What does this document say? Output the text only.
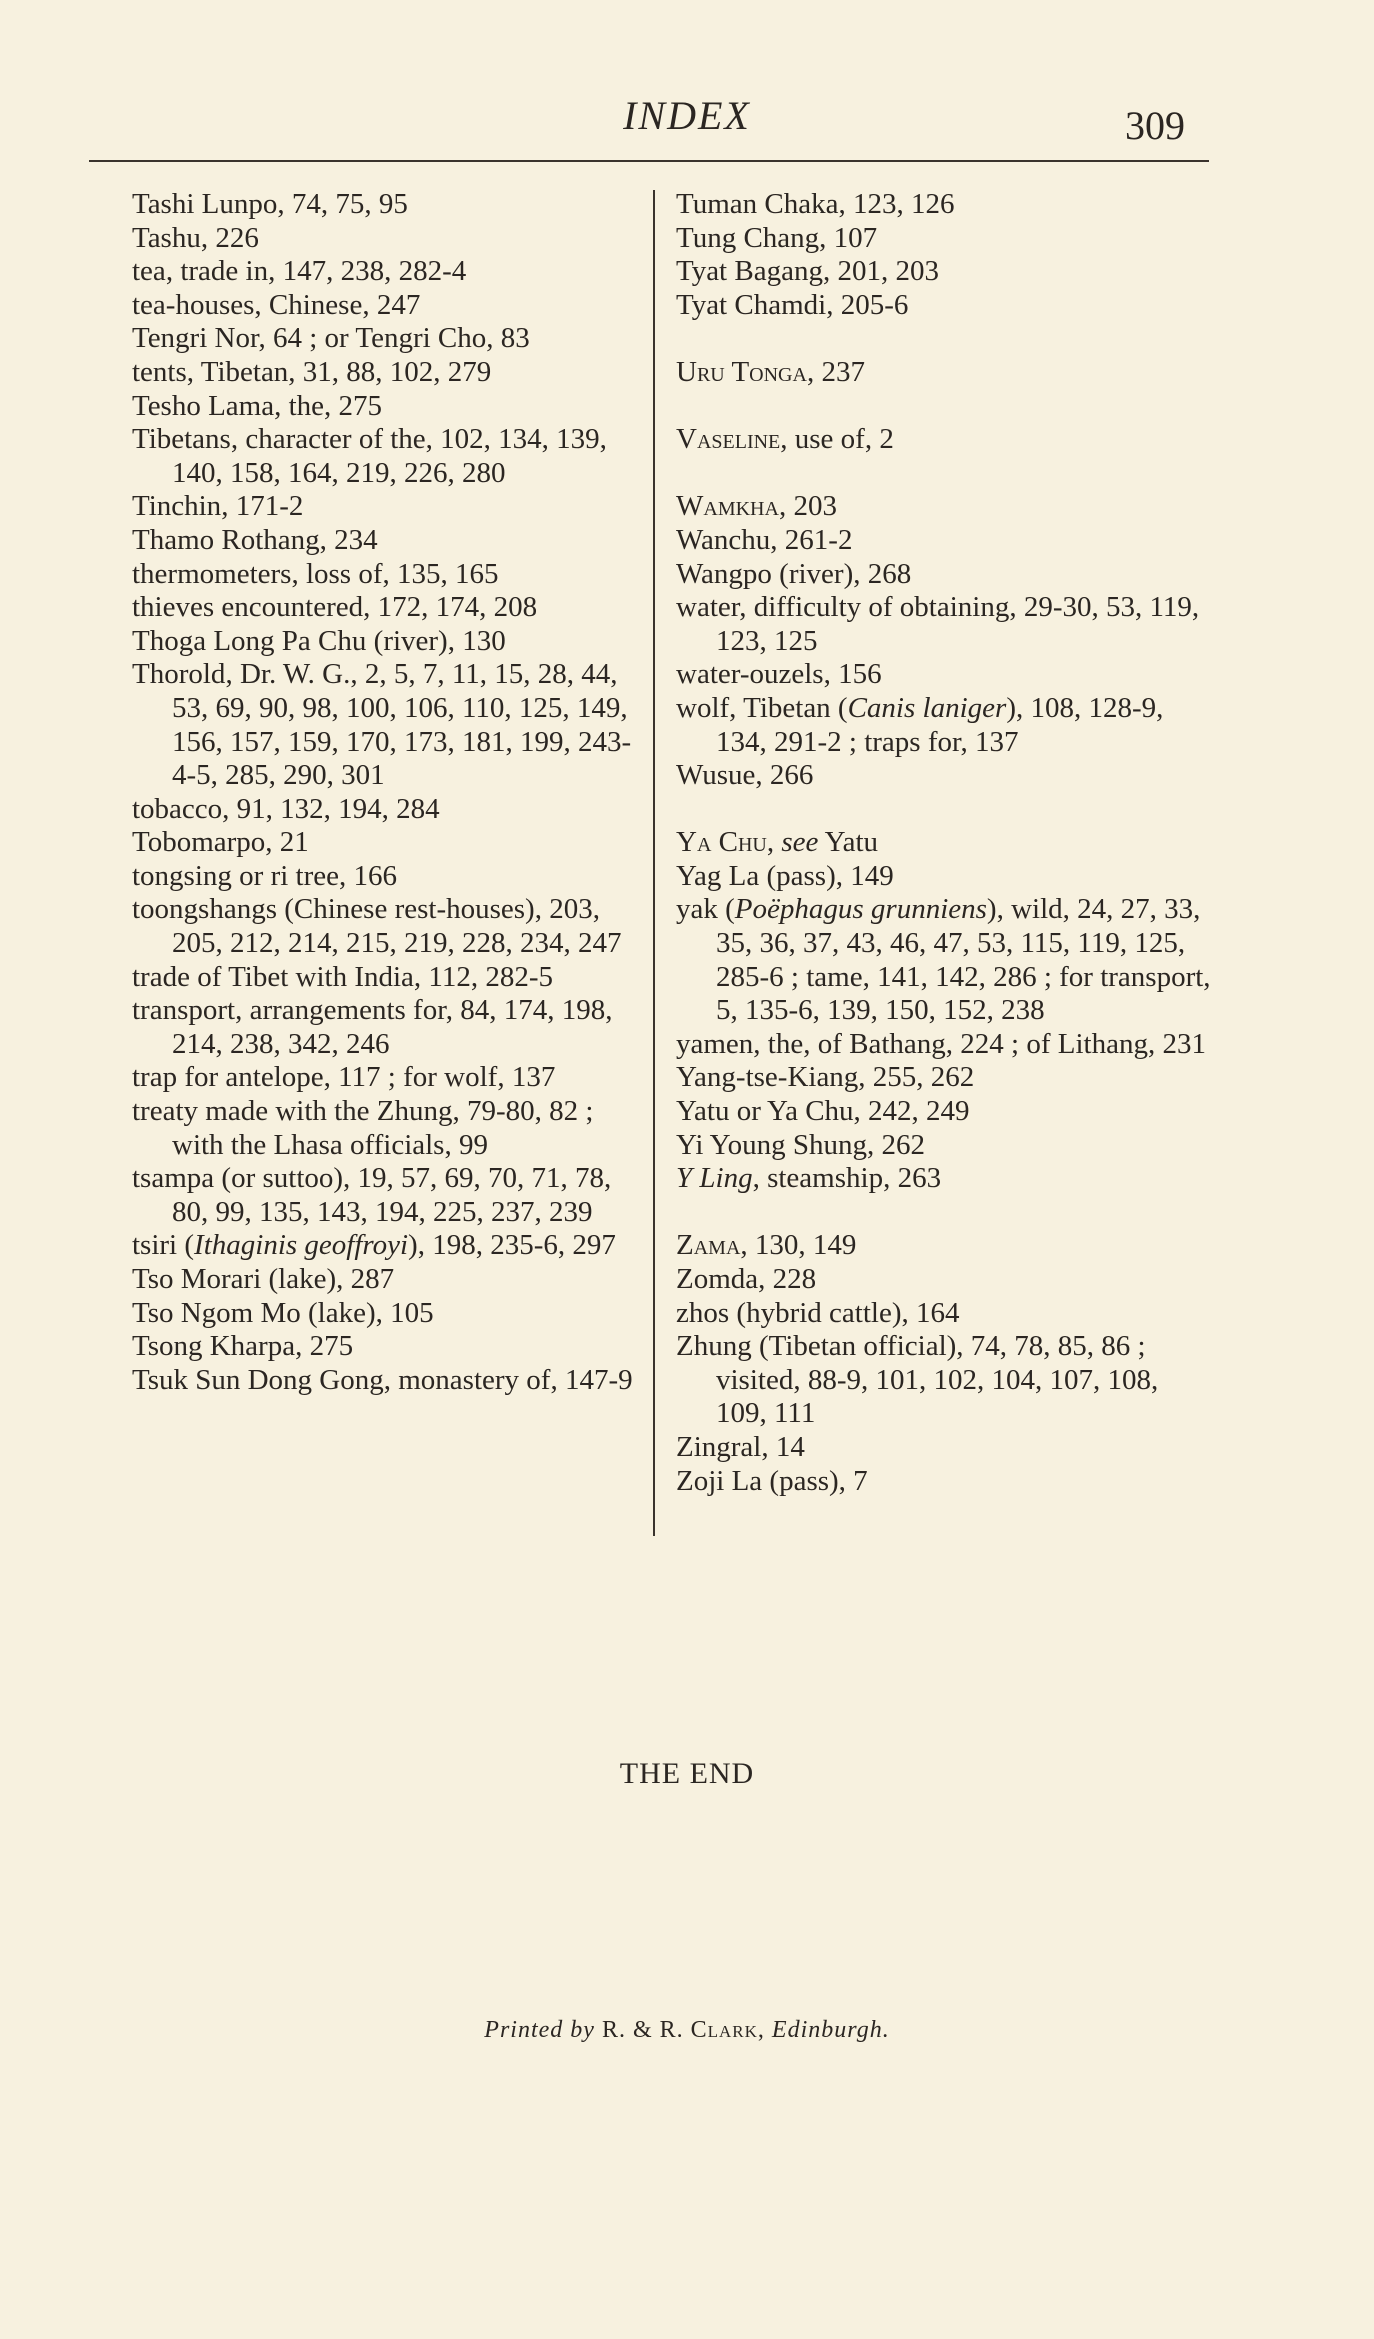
INDEX	309

Tashi Lunpo, 74, 75, 95

Tashu, 226

tea, trade in, 147, 238, 282-4

tea-houses, Chinese, 247

Tengri Nor, 64 ; or Tengri Cho, 83

tents, Tibetan, 31, 88, 102, 279

Tesho Lama, the, 275

Tibetans, character of the, 102, 134, 139, 140, 158, 164, 219, 226, 280

Tinchin, 171-2

Thamo Rothang, 234

thermometers, loss of, 135, 165

thieves encountered, 172, 174, 208

Thoga Long Pa Chu (river), 130

Thorold, Dr. W. G., 2, 5, 7, 11, 15, 28, 44, 53, 69, 90, 98, 100, 106, 110, 125, 149, 156, 157, 159, 170, 173, 181, 199, 243-4-5, 285, 290, 301

tobacco, 91, 132, 194, 284

Tobomarpo, 21

tongsing or ri tree, 166

toongshangs (Chinese rest-houses), 203, 205, 212, 214, 215, 219, 228, 234, 247

trade of Tibet with India, 112, 282-5

transport, arrangements for, 84, 174, 198, 214, 238, 342, 246

trap for antelope, 117 ; for wolf, 137

treaty made with the Zhung, 79-80, 82 ; with the Lhasa officials, 99

tsampa (or suttoo), 19, 57, 69, 70, 71, 78, 80, 99, 135, 143, 194, 225, 237, 239

tsiri (Ithaginis geoffroyi), 198, 235-6, 297

Tso Morari (lake), 287

Tso Ngom Mo (lake), 105

Tsong Kharpa, 275

Tsuk Sun Dong Gong, monastery of, 147-9

Tuman Chaka, 123, 126

Tung Chang, 107

Tyat Bagang, 201, 203

Tyat Chamdi, 205-6

Uru Tonga, 237

Vaseline, use of, 2

Wamkha, 203

Wanchu, 261-2

Wangpo (river), 268

water, difficulty of obtaining, 29-30, 53, 119, 123, 125

water-ouzels, 156

wolf, Tibetan (Canis laniger), 108, 128-9, 134, 291-2 ; traps for, 137

Wusue, 266

Ya Chu, see Yatu

Yag La (pass), 149

yak (Poëphagus grunniens), wild, 24, 27, 33, 35, 36, 37, 43, 46, 47, 53, 115, 119, 125, 285-6 ; tame, 141, 142, 286 ; for transport, 5, 135-6, 139, 150, 152, 238

yamen, the, of Bathang, 224 ; of Lithang, 231

Yang-tse-Kiang, 255, 262

Yatu or Ya Chu, 242, 249

Yi Young Shung, 262

Y Ling, steamship, 263

Zama, 130, 149

Zomda, 228

zhos (hybrid cattle), 164

Zhung (Tibetan official), 74, 78, 85, 86 ; visited, 88-9, 101, 102, 104, 107, 108, 109, 111

Zingral, 14

Zoji La (pass), 7

THE END
Printed by R. & R. Clark, Edinburgh.
